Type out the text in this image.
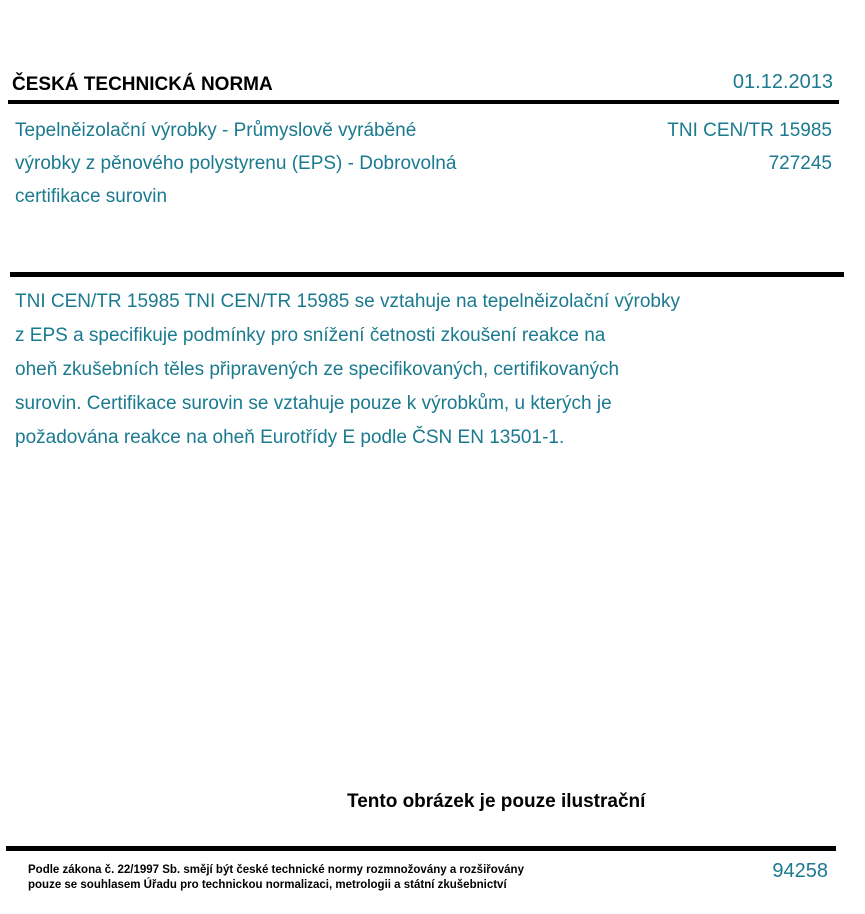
ČESKÁ TECHNICKÁ NORMA	01.12.2013
Tepelněizolační výrobky - Průmyslově vyráběné
výrobky z pěnového polystyrenu (EPS) - Dobrovolná
certifikace surovin
TNI CEN/TR 15985
727245
TNI CEN/TR 15985 TNI CEN/TR 15985 se vztahuje na tepelněizolační výrobky
z EPS a specifikuje podmínky pro snížení četnosti zkoušení reakce na
oheň zkušebních těles připravených ze specifikovaných, certifikovaných
surovin. Certifikace surovin se vztahuje pouze k výrobkům, u kterých je
požadována reakce na oheň Eurotřídy E podle ČSN EN 13501-1.
Tento obrázek je pouze ilustrační
Podle zákona č. 22/1997 Sb. smějí být české technické normy rozmnožovány a rozšiřovány
pouze se souhlasem Úřadu pro technickou normalizaci, metrologii a státní zkušebnictví
94258
